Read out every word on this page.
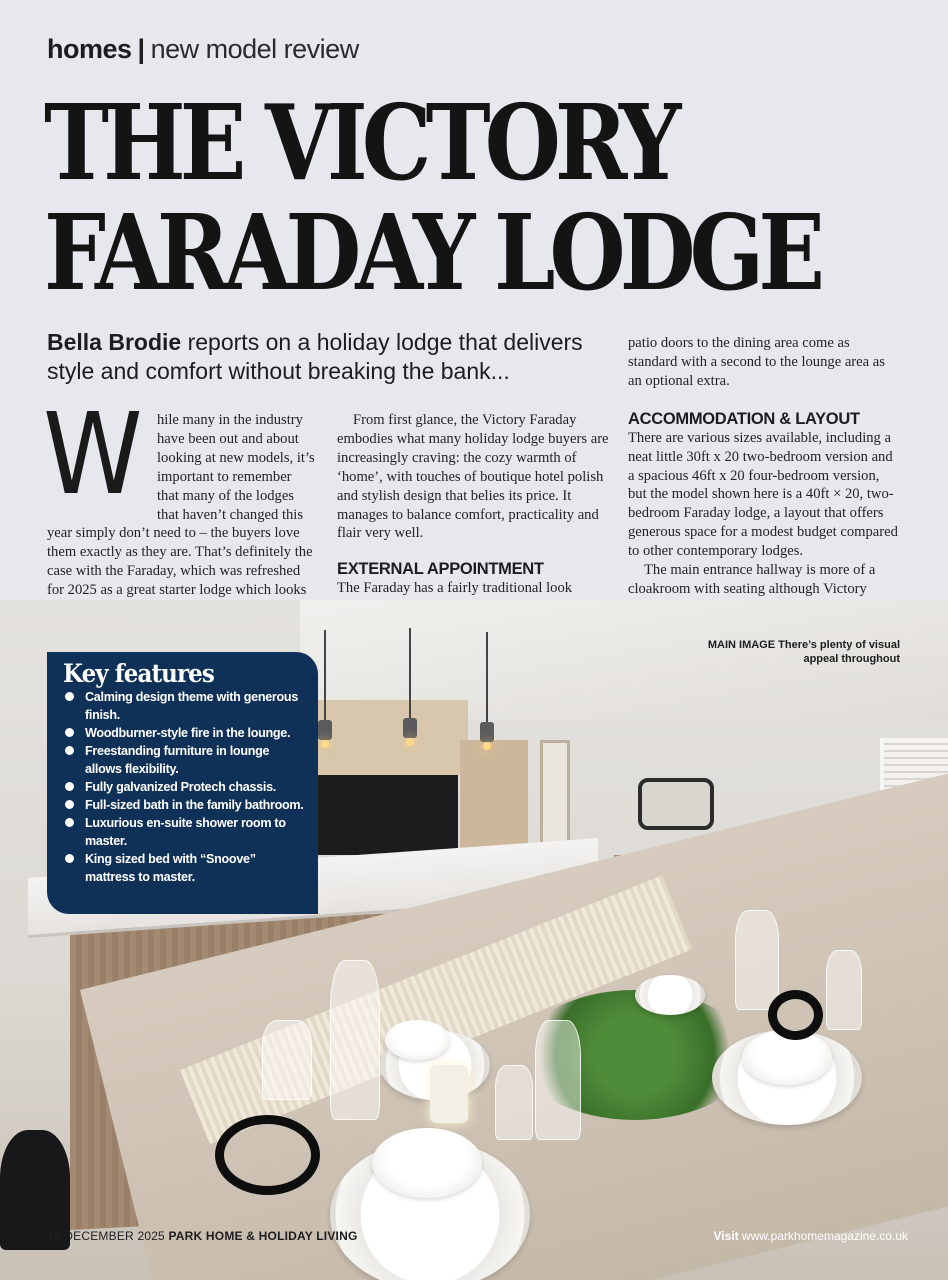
homes | new model review
THE VICTORY
FARADAY LODGE
Bella Brodie reports on a holiday lodge that delivers style and comfort without breaking the bank...
W hile many in the industry have been out and about looking at new models, it’s important to remember that many of the lodges that haven’t changed this year simply don’t need to – the buyers love them exactly as they are. That’s definitely the case with the Faraday, which was refreshed for 2025 as a great starter lodge which looks

From first glance, the Victory Faraday embodies what many holiday lodge buyers are increasingly craving: the cozy warmth of ‘home’, with touches of boutique hotel polish and stylish design that belies its price. It manages to balance comfort, practicality and flair very well.

EXTERNAL APPOINTMENT

The Faraday has a fairly traditional look

patio doors to the dining area come as standard with a second to the lounge area as an optional extra.

ACCOMMODATION & LAYOUT

There are various sizes available, including a neat little 30ft x 20 two-bedroom version and a spacious 46ft x 20 four-bedroom version, but the model shown here is a 40ft × 20, two-bedroom Faraday lodge, a layout that offers generous space for a modest budget compared to other contemporary lodges.

The main entrance hallway is more of a cloakroom with seating although Victory

MAIN IMAGE There’s plenty of visual appeal throughout
Key features
Calming design theme with generous finish.
Woodburner-style fire in the lounge.
Freestanding furniture in lounge allows flexibility.
Fully galvanized Protech chassis.
Full-sized bath in the family bathroom.
Luxurious en-suite shower room to master.
King sized bed with “Snoove” mattress to master.
16 DECEMBER 2025 PARK HOME & HOLIDAY LIVING	Visit www.parkhomemagazine.co.uk
